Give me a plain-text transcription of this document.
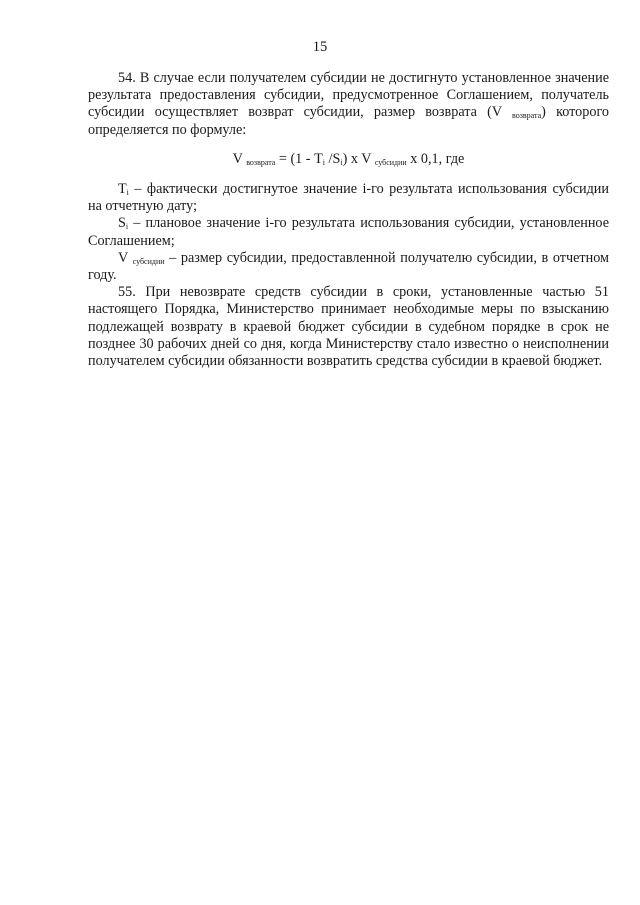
15

54. В случае если получателем субсидии не достигнуто установленное значение результата предоставления субсидии, предусмотренное Соглашением, получатель субсидии осуществляет возврат субсидии, размер возврата (V $_{возврата}$) которого определяется по формуле:

V $_{возврата} = (1 - T_i$ $/S_i$) x V $_{субсидии}$ x 0,1, где

$T_i$ – фактически достигнутое значение i-го результата использования субсидии на отчетную дату;

$S_i$ – плановое значение i-го результата использования субсидии, установленное Соглашением;

V $_{субсидии}$ – размер субсидии, предоставленной получателю субсидии, в отчетном году.

55. При невозврате средств субсидии в сроки, установленные частью 51 настоящего Порядка, Министерство принимает необходимые меры по взысканию подлежащей возврату в краевой бюджет субсидии в судебном порядке в срок не позднее 30 рабочих дней со дня, когда Министерству стало известно о неисполнении получателем субсидии обязанности возвратить средства субсидии в краевой бюджет.
